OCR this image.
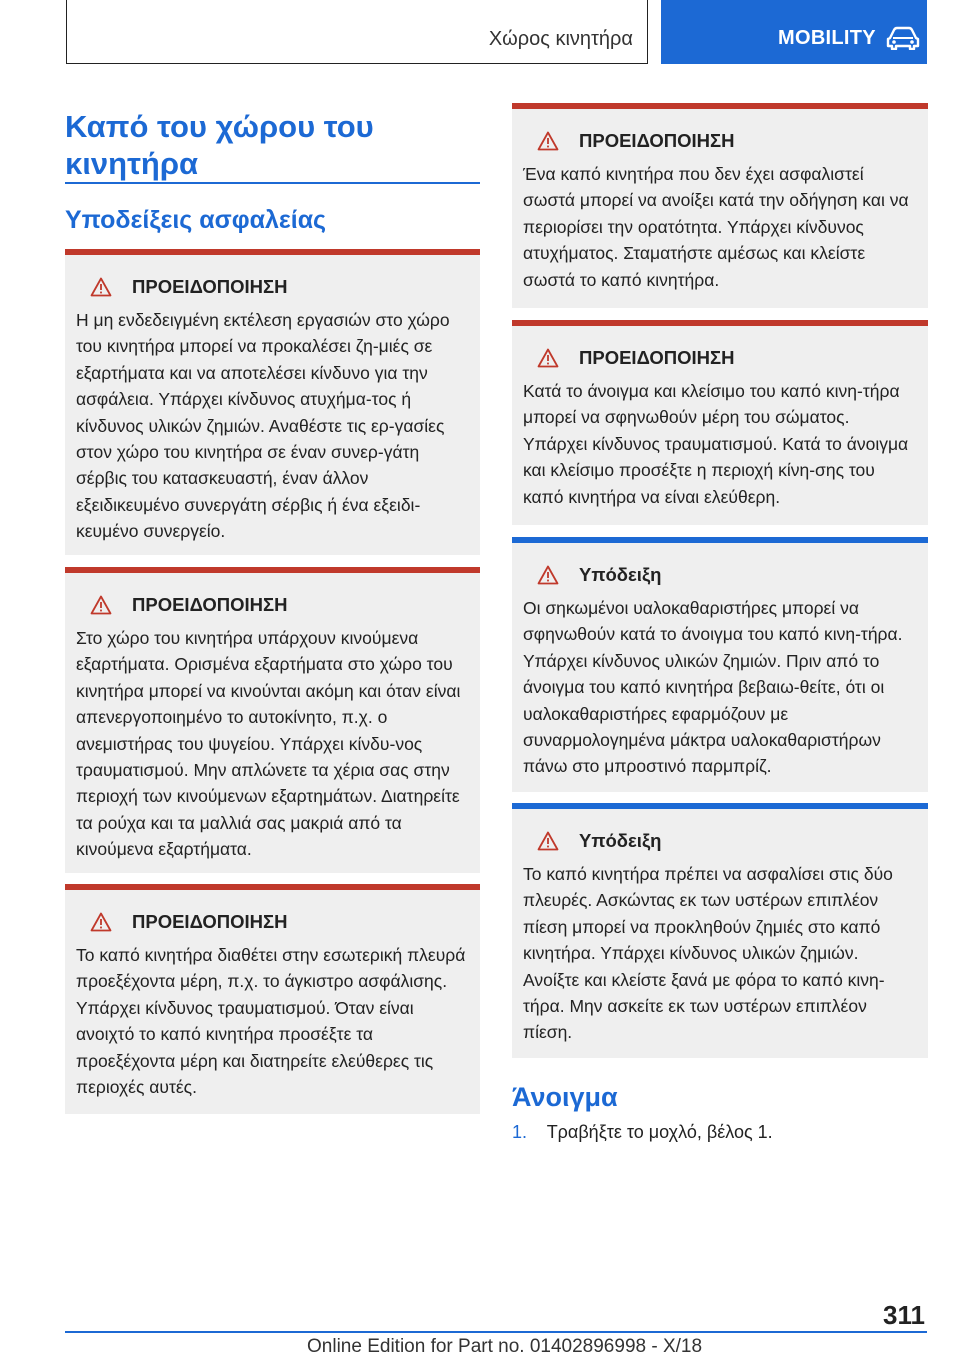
Χώρος κινητήρα	MOBILITY
Καπό του χώρου του κινητήρα
Υποδείξεις ασφαλείας
ΠΡΟΕΙΔΟΠΟΙΗΣΗ
Η μη ενδεδειγμένη εκτέλεση εργασιών στο χώρο του κινητήρα μπορεί να προκαλέσει ζη-μιές σε εξαρτήματα και να αποτελέσει κίνδυνο για την ασφάλεια. Υπάρχει κίνδυνος ατυχήμα-τος ή κίνδυνος υλικών ζημιών. Αναθέστε τις ερ-γασίες στον χώρο του κινητήρα σε έναν συνερ-γάτη σέρβις του κατασκευαστή, έναν άλλον εξειδικευμένο συνεργάτη σέρβις ή ένα εξειδι-κευμένο συνεργείο.
ΠΡΟΕΙΔΟΠΟΙΗΣΗ
Στο χώρο του κινητήρα υπάρχουν κινούμενα εξαρτήματα. Ορισμένα εξαρτήματα στο χώρο του κινητήρα μπορεί να κινούνται ακόμη και όταν είναι απενεργοποιημένο το αυτοκίνητο, π.χ. ο ανεμιστήρας του ψυγείου. Υπάρχει κίνδυ-νος τραυματισμού. Μην απλώνετε τα χέρια σας στην περιοχή των κινούμενων εξαρτημάτων. Διατηρείτε τα ρούχα και τα μαλλιά σας μακριά από τα κινούμενα εξαρτήματα.
ΠΡΟΕΙΔΟΠΟΙΗΣΗ
Το καπό κινητήρα διαθέτει στην εσωτερική πλευρά προεξέχοντα μέρη, π.χ. το άγκιστρο ασφάλισης. Υπάρχει κίνδυνος τραυματισμού. Όταν είναι ανοιχτό το καπό κινητήρα προσέξτε τα προεξέχοντα μέρη και διατηρείτε ελεύθερες τις περιοχές αυτές.
ΠΡΟΕΙΔΟΠΟΙΗΣΗ
Ένα καπό κινητήρα που δεν έχει ασφαλιστεί σωστά μπορεί να ανοίξει κατά την οδήγηση και να περιορίσει την ορατότητα. Υπάρχει κίνδυνος ατυχήματος. Σταματήστε αμέσως και κλείστε σωστά το καπό κινητήρα.
ΠΡΟΕΙΔΟΠΟΙΗΣΗ
Κατά το άνοιγμα και κλείσιμο του καπό κινη-τήρα μπορεί να σφηνωθούν μέρη του σώματος. Υπάρχει κίνδυνος τραυματισμού. Κατά το άνοιγμα και κλείσιμο προσέξτε η περιοχή κίνη-σης του καπό κινητήρα να είναι ελεύθερη.
Υπόδειξη
Οι σηκωμένοι υαλοκαθαριστήρες μπορεί να σφηνωθούν κατά το άνοιγμα του καπό κινη-τήρα. Υπάρχει κίνδυνος υλικών ζημιών. Πριν από το άνοιγμα του καπό κινητήρα βεβαιω-θείτε, ότι οι υαλοκαθαριστήρες εφαρμόζουν με συναρμολογημένα μάκτρα υαλοκαθαριστήρων πάνω στο μπροστινό παρμπρίζ.
Υπόδειξη
Το καπό κινητήρα πρέπει να ασφαλίσει στις δύο πλευρές. Ασκώντας εκ των υστέρων επιπλέον πίεση μπορεί να προκληθούν ζημιές στο καπό κινητήρα. Υπάρχει κίνδυνος υλικών ζημιών. Ανοίξτε και κλείστε ξανά με φόρα το καπό κινη-τήρα. Μην ασκείτε εκ των υστέρων επιπλέον πίεση.
Άνοιγμα
1. Τραβήξτε το μοχλό, βέλος 1.
311
Online Edition for Part no. 01402896998 - X/18
